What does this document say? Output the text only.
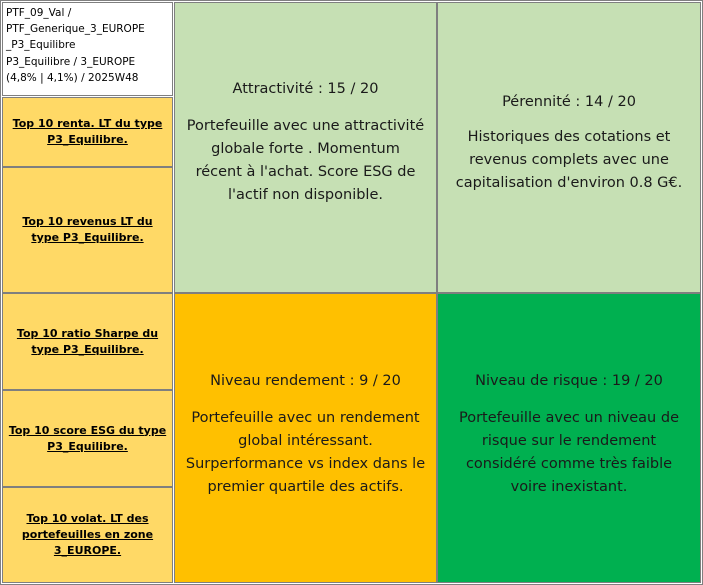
PTF_09_Val /
PTF_Generique_3_EUROPE
_P3_Equilibre
P3_Equilibre / 3_EUROPE
(4,8% | 4,1%) / 2025W48
Top 10 renta. LT du type
P3_Equilibre.
Top 10 revenus LT du
type P3_Equilibre.
Top 10 ratio Sharpe du
type P3_Equilibre.
Top 10 score ESG du type
P3_Equilibre.
Top 10 volat. LT des
portefeuilles en zone
3_EUROPE.
Attractivité : 15 / 20
Portefeuille avec une attractivité
globale forte . Momentum
récent à l'achat. Score ESG de
l'actif non disponible.
Pérennité : 14 / 20
Historiques des cotations et
revenus complets avec une
capitalisation d'environ 0.8 G€.
Niveau rendement : 9 / 20
Portefeuille avec un rendement
global intéressant.
Surperformance vs index dans le
premier quartile des actifs.
Niveau de risque : 19 / 20
Portefeuille avec un niveau de
risque sur le rendement
considéré comme très faible
voire inexistant.
